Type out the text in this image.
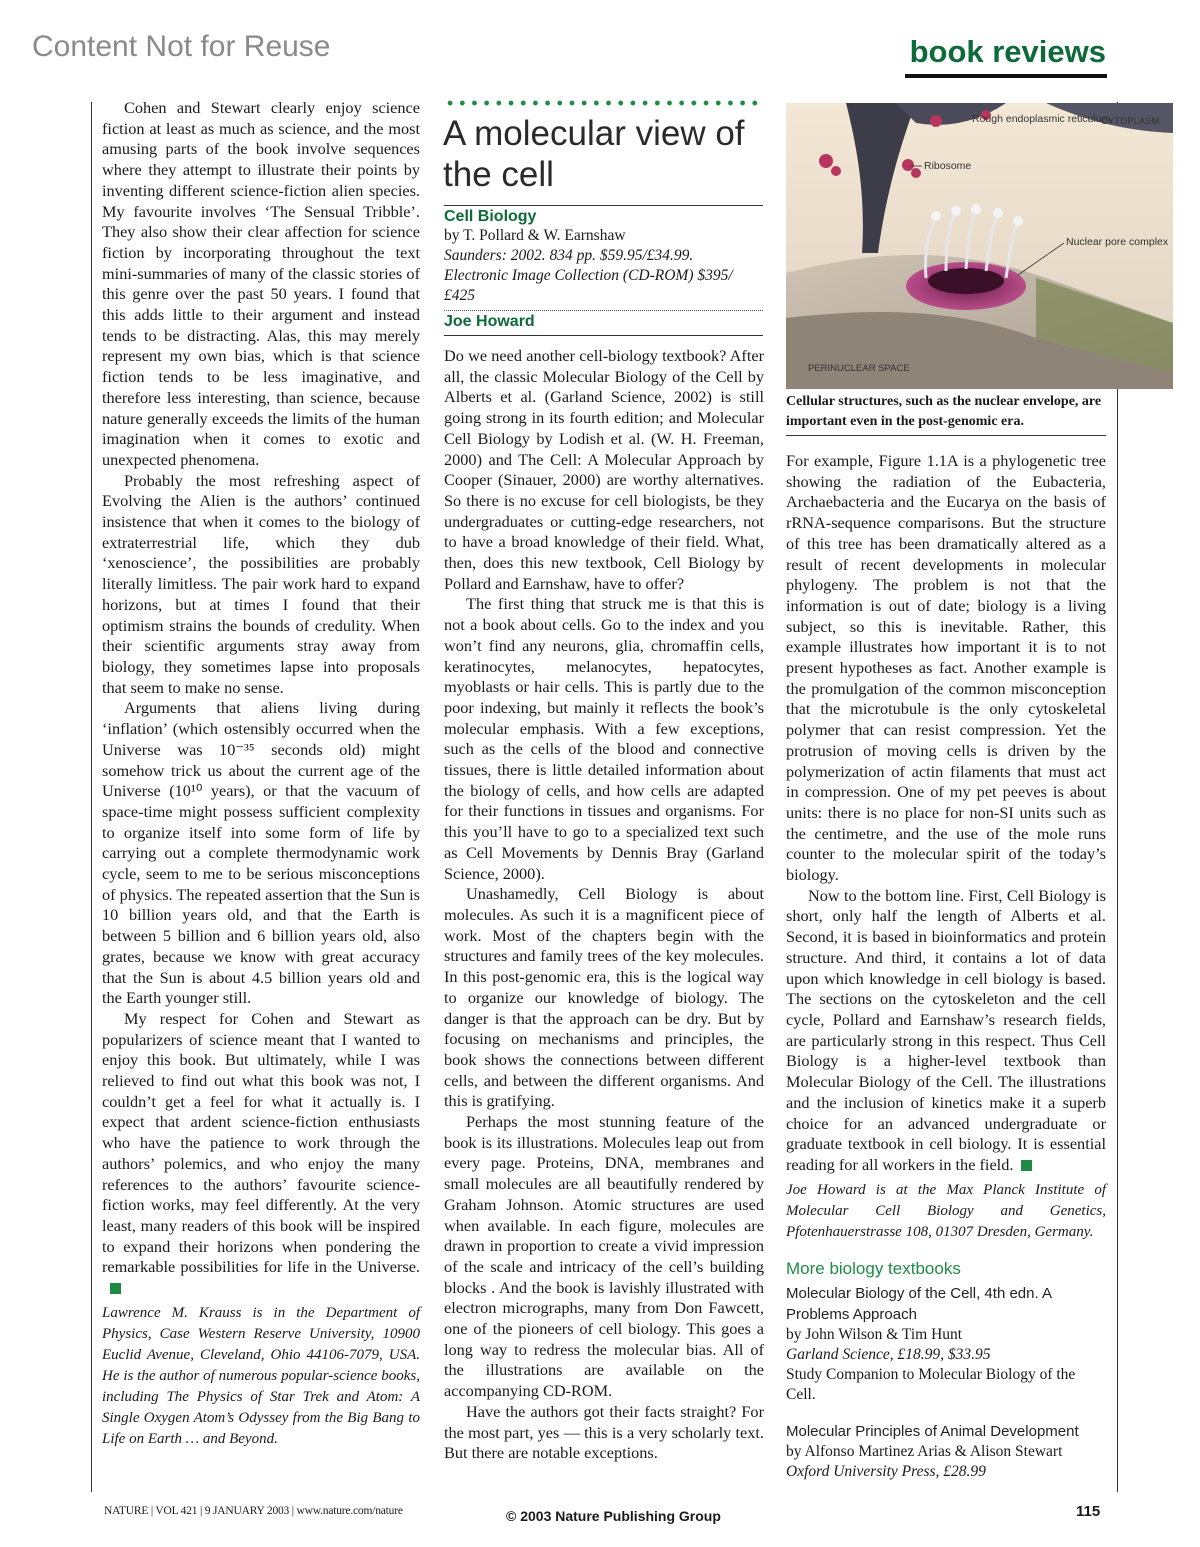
Content Not for Reuse	book reviews

Cohen and Stewart clearly enjoy science fiction at least as much as science, and the most amusing parts of the book involve sequences where they attempt to illustrate their points by inventing different science-fiction alien species. My favourite involves ‘The Sensual Tribble’. They also show their clear affection for science fiction by incorporating throughout the text mini-summaries of many of the classic stories of this genre over the past 50 years. I found that this adds little to their argument and instead tends to be distracting. Alas, this may merely represent my own bias, which is that science fiction tends to be less imaginative, and therefore less interesting, than science, because nature generally exceeds the limits of the human imagination when it comes to exotic and unexpected phenomena.

Probably the most refreshing aspect of Evolving the Alien is the authors’ continued insistence that when it comes to the biology of extraterrestrial life, which they dub ‘xenoscience’, the possibilities are probably literally limitless. The pair work hard to expand horizons, but at times I found that their optimism strains the bounds of credulity. When their scientific arguments stray away from biology, they sometimes lapse into proposals that seem to make no sense.

Arguments that aliens living during ‘inflation’ (which ostensibly occurred when the Universe was 10⁻³⁵ seconds old) might somehow trick us about the current age of the Universe (10¹⁰ years), or that the vacuum of space-time might possess sufficient complexity to organize itself into some form of life by carrying out a complete thermodynamic work cycle, seem to me to be serious misconceptions of physics. The repeated assertion that the Sun is 10 billion years old, and that the Earth is between 5 billion and 6 billion years old, also grates, because we know with great accuracy that the Sun is about 4.5 billion years old and the Earth younger still.

My respect for Cohen and Stewart as popularizers of science meant that I wanted to enjoy this book. But ultimately, while I was relieved to find out what this book was not, I couldn’t get a feel for what it actually is. I expect that ardent science-fiction enthusiasts who have the patience to work through the authors’ polemics, and who enjoy the many references to the authors’ favourite science-fiction works, may feel differently. At the very least, many readers of this book will be inspired to expand their horizons when pondering the remarkable possibilities for life in the Universe.

Lawrence M. Krauss is in the Department of Physics, Case Western Reserve University, 10900 Euclid Avenue, Cleveland, Ohio 44106-7079, USA. He is the author of numerous popular-science books, including The Physics of Star Trek and Atom: A Single Oxygen Atom’s Odyssey from the Big Bang to Life on Earth … and Beyond.
A molecular view of the cell
Cell Biology
by T. Pollard & W. Earnshaw
Saunders: 2002. 834 pp. $59.95/£34.99.
Electronic Image Collection (CD-ROM) $395/£425
Joe Howard

Do we need another cell-biology textbook? After all, the classic Molecular Biology of the Cell by Alberts et al. (Garland Science, 2002) is still going strong in its fourth edition; and Molecular Cell Biology by Lodish et al. (W. H. Freeman, 2000) and The Cell: A Molecular Approach by Cooper (Sinauer, 2000) are worthy alternatives. So there is no excuse for cell biologists, be they undergraduates or cutting-edge researchers, not to have a broad knowledge of their field. What, then, does this new textbook, Cell Biology by Pollard and Earnshaw, have to offer?

The first thing that struck me is that this is not a book about cells. Go to the index and you won’t find any neurons, glia, chromaffin cells, keratinocytes, melanocytes, hepatocytes, myoblasts or hair cells. This is partly due to the poor indexing, but mainly it reflects the book’s molecular emphasis. With a few exceptions, such as the cells of the blood and connective tissues, there is little detailed information about the biology of cells, and how cells are adapted for their functions in tissues and organisms. For this you’ll have to go to a specialized text such as Cell Movements by Dennis Bray (Garland Science, 2000).

Unashamedly, Cell Biology is about molecules. As such it is a magnificent piece of work. Most of the chapters begin with the structures and family trees of the key molecules. In this post-genomic era, this is the logical way to organize our knowledge of biology. The danger is that the approach can be dry. But by focusing on mechanisms and principles, the book shows the connections between different cells, and between the different organisms. And this is gratifying.

Perhaps the most stunning feature of the book is its illustrations. Molecules leap out from every page. Proteins, DNA, membranes and small molecules are all beautifully rendered by Graham Johnson. Atomic structures are used when available. In each figure, molecules are drawn in proportion to create a vivid impression of the scale and intricacy of the cell’s building blocks . And the book is lavishly illustrated with electron micrographs, many from Don Fawcett, one of the pioneers of cell biology. This goes a long way to redress the molecular bias. All of the illustrations are available on the accompanying CD-ROM.

Have the authors got their facts straight? For the most part, yes — this is a very scholarly text. But there are notable exceptions.

Rough endoplasmic reticulum
CYTOPLASM
Ribosome
Nuclear pore complex
PERINUCLEAR SPACE
Cellular structures, such as the nuclear envelope, are important even in the post-genomic era.

For example, Figure 1.1A is a phylogenetic tree showing the radiation of the Eubacteria, Archaebacteria and the Eucarya on the basis of rRNA-sequence comparisons. But the structure of this tree has been dramatically altered as a result of recent developments in molecular phylogeny. The problem is not that the information is out of date; biology is a living subject, so this is inevitable. Rather, this example illustrates how important it is to not present hypotheses as fact. Another example is the promulgation of the common misconception that the microtubule is the only cytoskeletal polymer that can resist compression. Yet the protrusion of moving cells is driven by the polymerization of actin filaments that must act in compression. One of my pet peeves is about units: there is no place for non-SI units such as the centimetre, and the use of the mole runs counter to the molecular spirit of the today’s biology.

Now to the bottom line. First, Cell Biology is short, only half the length of Alberts et al. Second, it is based in bioinformatics and protein structure. And third, it contains a lot of data upon which knowledge in cell biology is based. The sections on the cytoskeleton and the cell cycle, Pollard and Earnshaw’s research fields, are particularly strong in this respect. Thus Cell Biology is a higher-level textbook than Molecular Biology of the Cell. The illustrations and the inclusion of kinetics make it a superb choice for an advanced undergraduate or graduate textbook in cell biology. It is essential reading for all workers in the field.

Joe Howard is at the Max Planck Institute of Molecular Cell Biology and Genetics, Pfotenhauerstrasse 108, 01307 Dresden, Germany.
More biology textbooks
Molecular Biology of the Cell, 4th edn. A Problems Approach
by John Wilson & Tim Hunt
Garland Science, £18.99, $33.95
Study Companion to Molecular Biology of the Cell.
Molecular Principles of Animal Development
by Alfonso Martinez Arias & Alison Stewart
Oxford University Press, £28.99
NATURE | VOL 421 | 9 JANUARY 2003 | www.nature.com/nature	© 2003 Nature Publishing Group	115
